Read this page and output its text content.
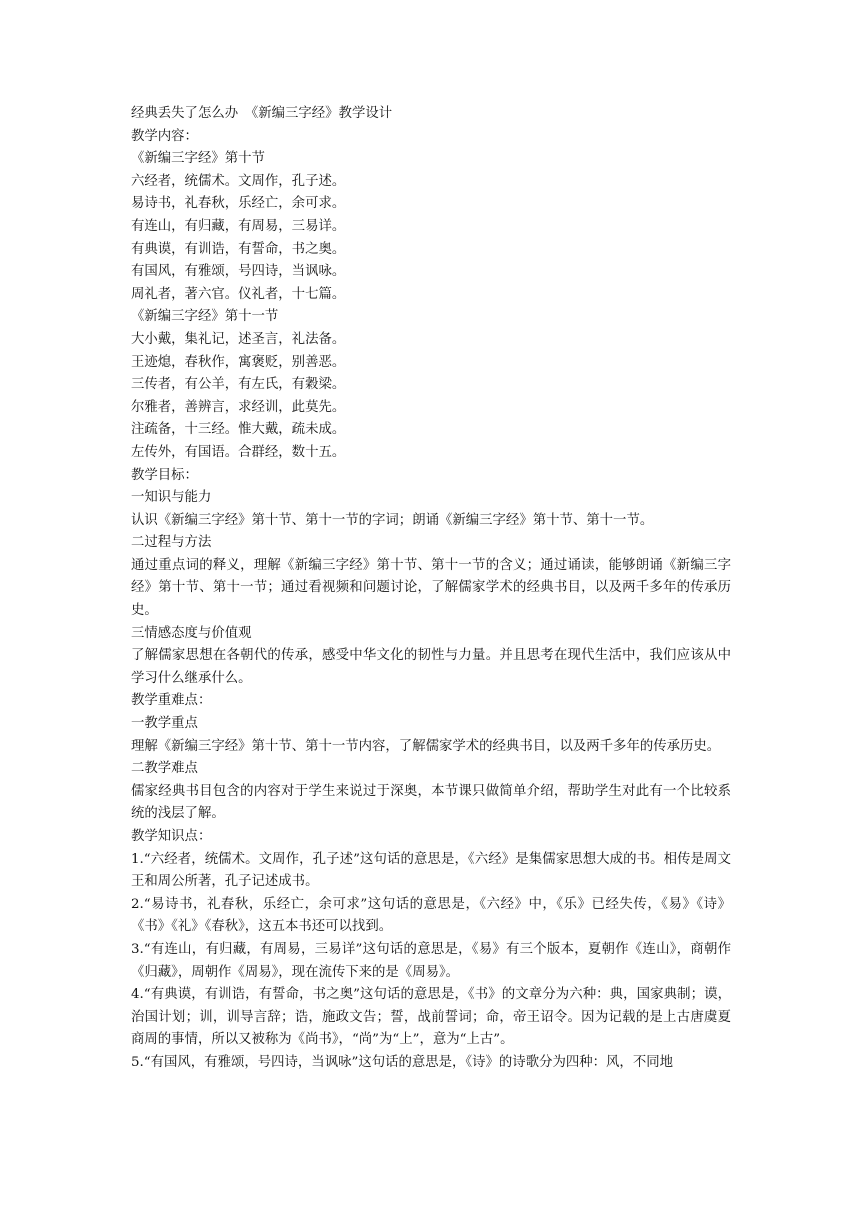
经典丢失了怎么办　《新编三字经》教学设计

教学内容：

《新编三字经》第十节

六经者，统儒术。文周作，孔子述。

易诗书，礼春秋，乐经亡，余可求。

有连山，有归藏，有周易，三易详。

有典谟，有训诰，有誓命，书之奥。

有国风，有雅颂，号四诗，当讽咏。

周礼者，著六官。仪礼者，十七篇。

《新编三字经》第十一节

大小戴，集礼记，述圣言，礼法备。

王迹熄，春秋作，寓褒贬，别善恶。

三传者，有公羊，有左氏，有穀梁。

尔雅者，善辨言，求经训，此莫先。

注疏备，十三经。惟大戴，疏未成。

左传外，有国语。合群经，数十五。

教学目标：

一知识与能力

认识《新编三字经》第十节、第十一节的字词；朗诵《新编三字经》第十节、第十一节。

二过程与方法

通过重点词的释义，理解《新编三字经》第十节、第十一节的含义；通过诵读，能够朗诵《新编三字经》第十节、第十一节；通过看视频和问题讨论，了解儒家学术的经典书目，以及两千多年的传承历史。

三情感态度与价值观

了解儒家思想在各朝代的传承，感受中华文化的韧性与力量。并且思考在现代生活中，我们应该从中学习什么继承什么。

教学重难点：

一教学重点

理解《新编三字经》第十节、第十一节内容，了解儒家学术的经典书目，以及两千多年的传承历史。

二教学难点

儒家经典书目包含的内容对于学生来说过于深奥，本节课只做简单介绍，帮助学生对此有一个比较系统的浅层了解。

教学知识点：

1.“六经者，统儒术。文周作，孔子述”这句话的意思是，《六经》是集儒家思想大成的书。相传是周文王和周公所著，孔子记述成书。

2.“易诗书，礼春秋，乐经亡，余可求”这句话的意思是，《六经》中，《乐》已经失传，《易》《诗》《书》《礼》《春秋》，这五本书还可以找到。

3.“有连山，有归藏，有周易，三易详”这句话的意思是，《易》有三个版本，夏朝作《连山》，商朝作《归藏》，周朝作《周易》，现在流传下来的是《周易》。

4.“有典谟，有训诰，有誓命，书之奥”这句话的意思是，《书》的文章分为六种：典，国家典制；谟，治国计划；训，训导言辞；诰，施政文告；誓，战前誓词；命，帝王诏令。因为记载的是上古唐虞夏商周的事情，所以又被称为《尚书》，“尚”为“上”，意为“上古”。

5.“有国风，有雅颂，号四诗，当讽咏”这句话的意思是，《诗》的诗歌分为四种：风，不同地
